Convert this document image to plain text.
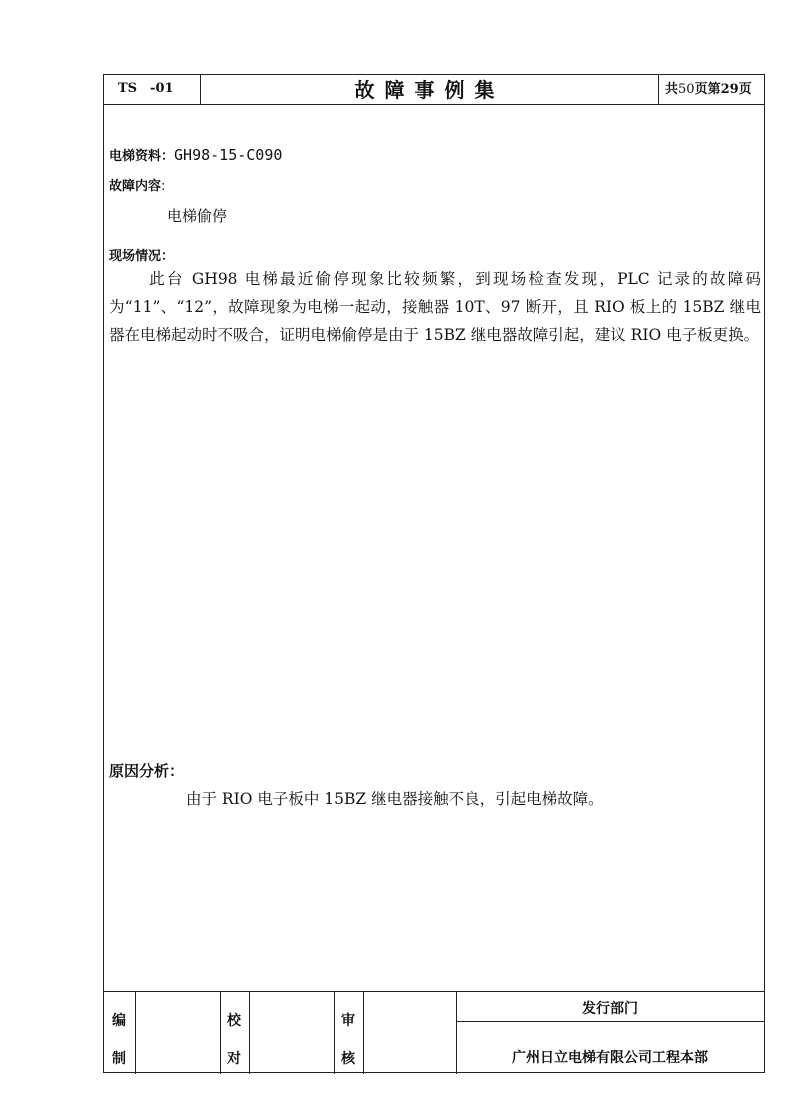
TS　-01	故障事例集	共50页第29页
电梯资料：GH98-15-C090
故障内容:
电梯偷停
现场情况：

此台 GH98 电梯最近偷停现象比较频繁，到现场检查发现，PLC 记录的故障码为“11”、“12”，故障现象为电梯一起动，接触器 10T、97 断开，且 RIO 板上的 15BZ 继电器在电梯起动时不吸合，证明电梯偷停是由于 15BZ 继电器故障引起，建议 RIO 电子板更换。

原因分析：
由于 RIO 电子板中 15BZ 继电器接触不良，引起电梯故障。
编
制
校
对
审
核
发行部门
广州日立电梯有限公司工程本部
